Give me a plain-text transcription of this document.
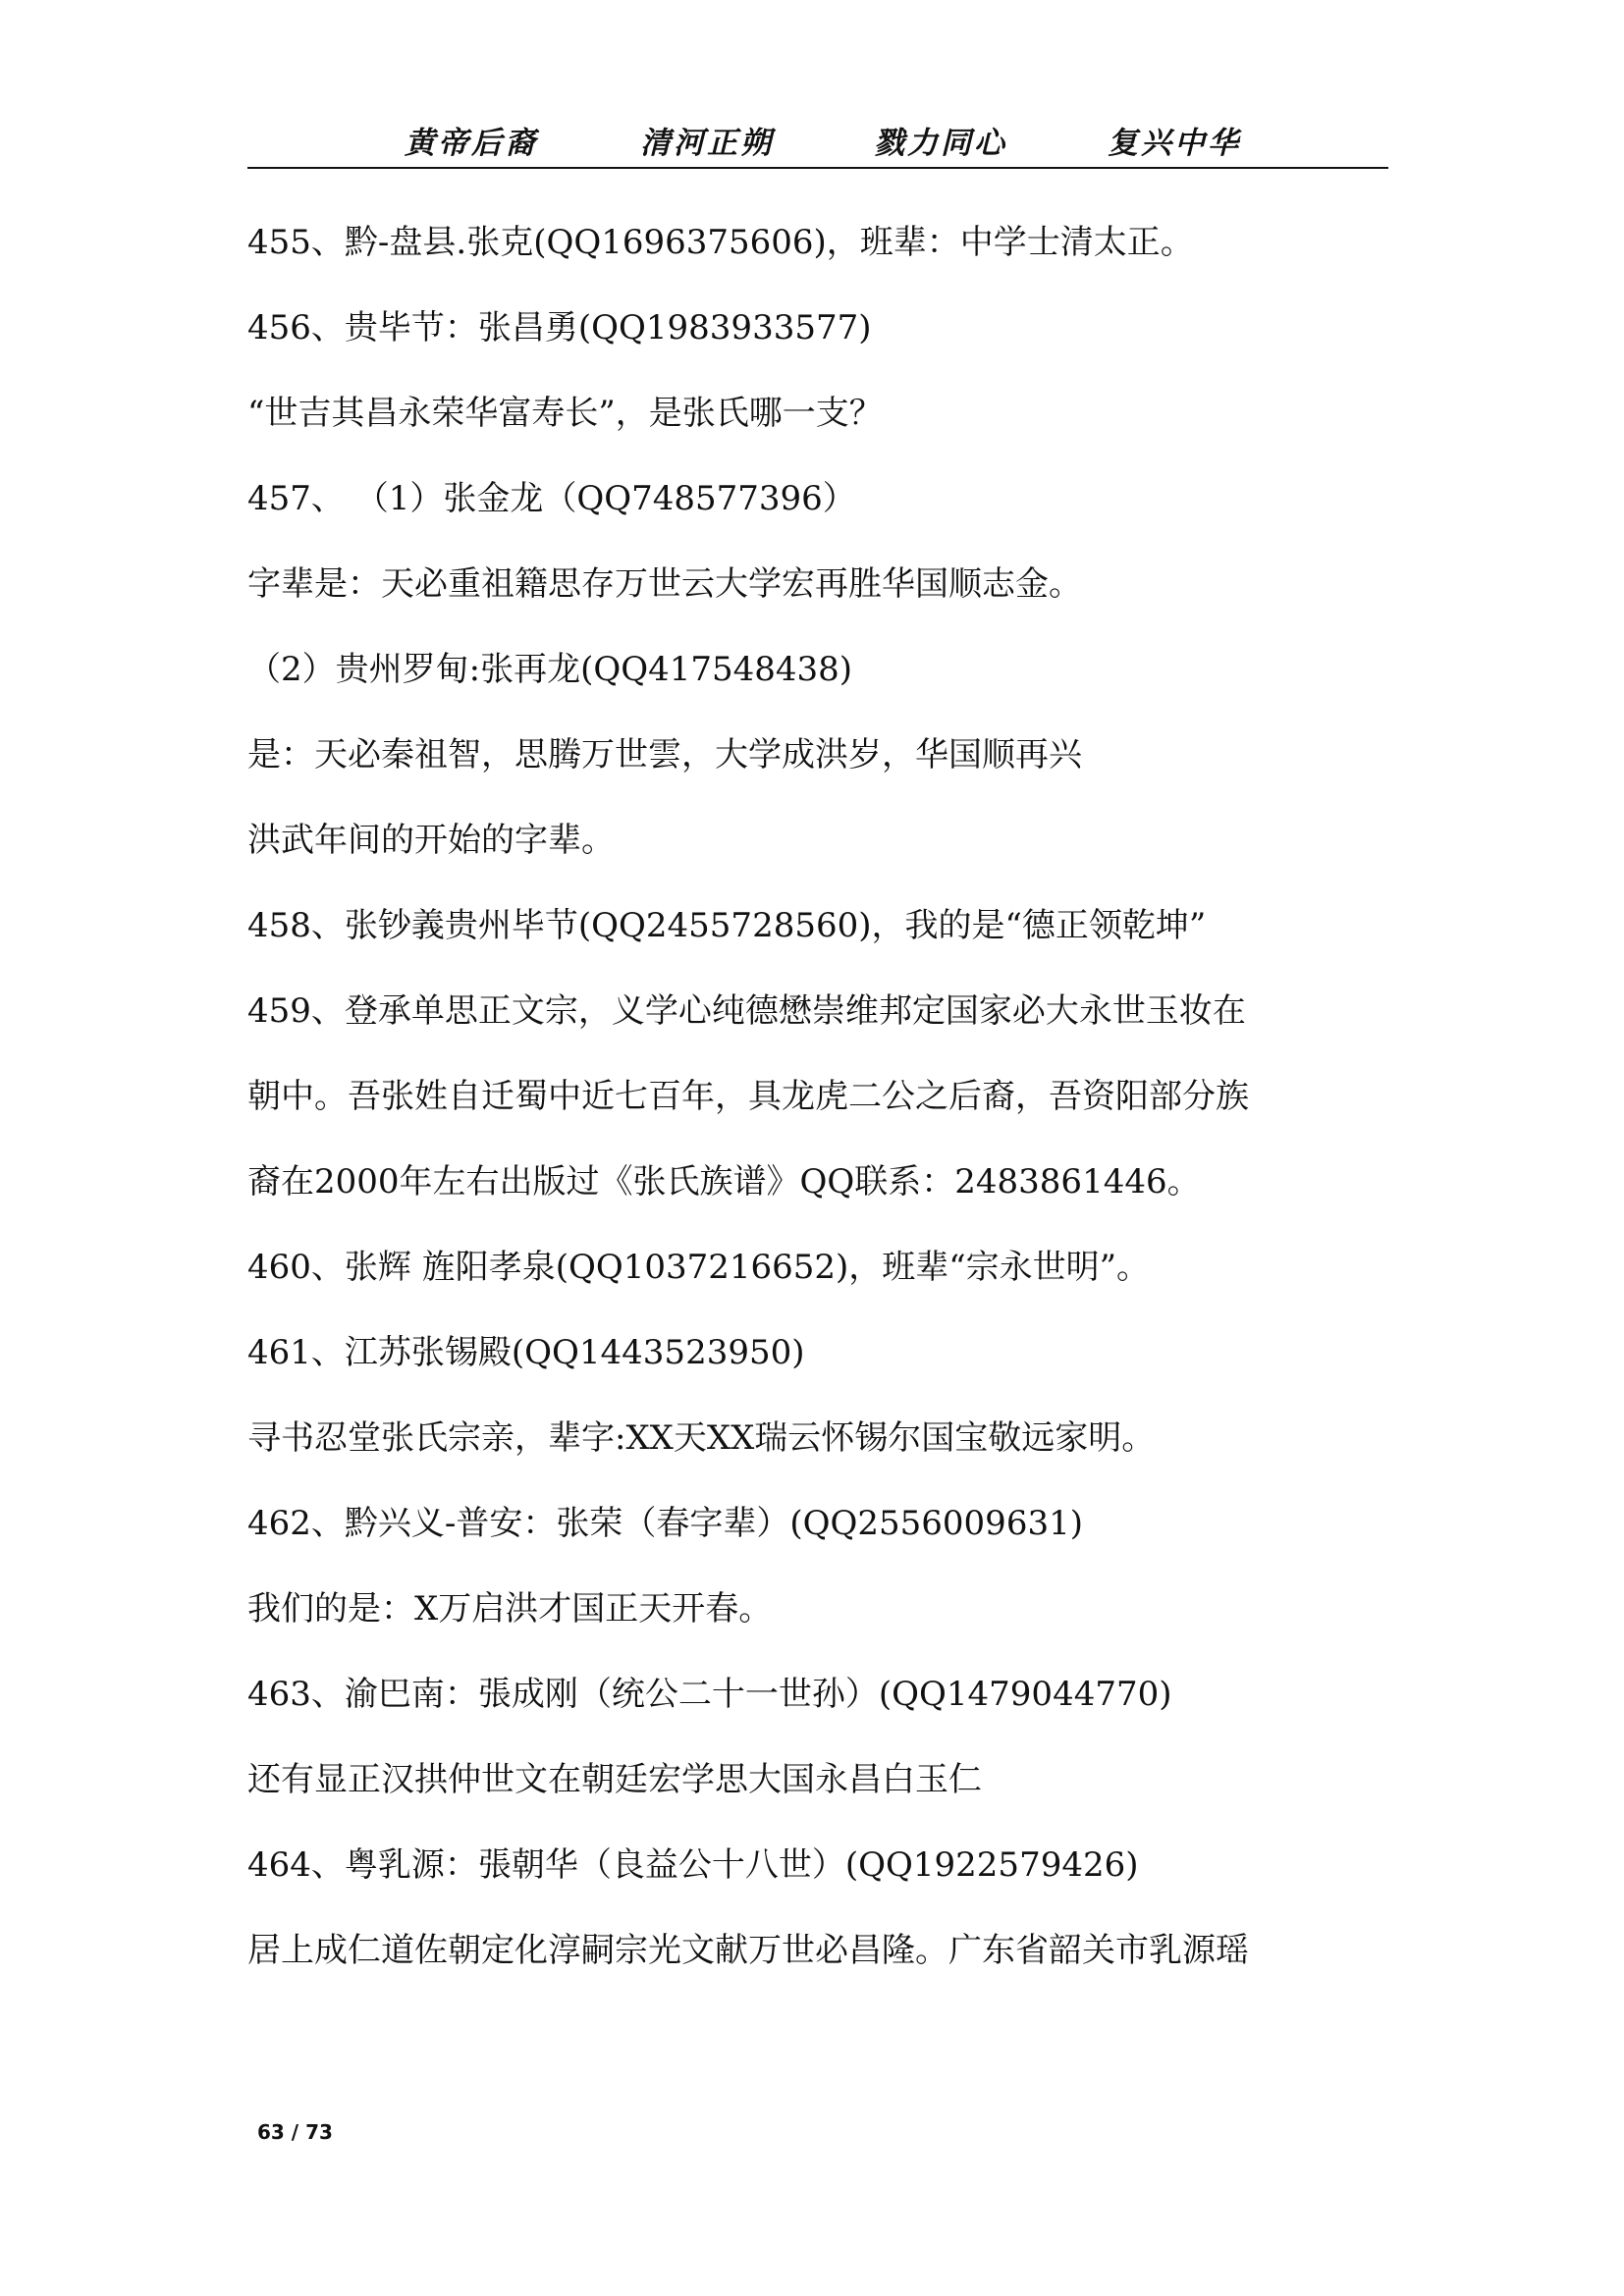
黄帝后裔	清河正朔	戮力同心	复兴中华
455、黔-盘县.张克(QQ1696375606)，班辈：中学士清太正。
456、贵毕节：张昌勇(QQ1983933577)
“世吉其昌永荣华富寿长”，是张氏哪一支？
457、 （1）张金龙（QQ748577396）
字辈是：天必重祖籍思存万世云大学宏再胜华国顺志金。
（2）贵州罗甸:张再龙(QQ417548438)
是：天必秦祖智，思腾万世雲，大学成洪岁，华国顺再兴
洪武年间的开始的字辈。
458、张钞義贵州毕节(QQ2455728560)，我的是“德正领乾坤”
459、登承单思正文宗，义学心纯德懋崇维邦定国家必大永世玉妆在
朝中。吾张姓自迁蜀中近七百年，具龙虎二公之后裔，吾资阳部分族
裔在2000年左右出版过《张氏族谱》QQ联系：2483861446。
460、张辉 旌阳孝泉(QQ1037216652)，班辈“宗永世明”。
461、江苏张锡殿(QQ1443523950)
寻书忍堂张氏宗亲，辈字:XX天XX瑞云怀锡尔国宝敬远家明。
462、黔兴义-普安：张荣（春字辈）(QQ2556009631)
我们的是：X万启洪才国正天开春。
463、渝巴南：張成刚（统公二十一世孙）(QQ1479044770)
还有显正汉拱仲世文在朝廷宏学思大国永昌白玉仁
464、粤乳源：張朝华（良益公十八世）(QQ1922579426)
居上成仁道佐朝定化淳嗣宗光文献万世必昌隆。广东省韶关市乳源瑶
63 / 73
